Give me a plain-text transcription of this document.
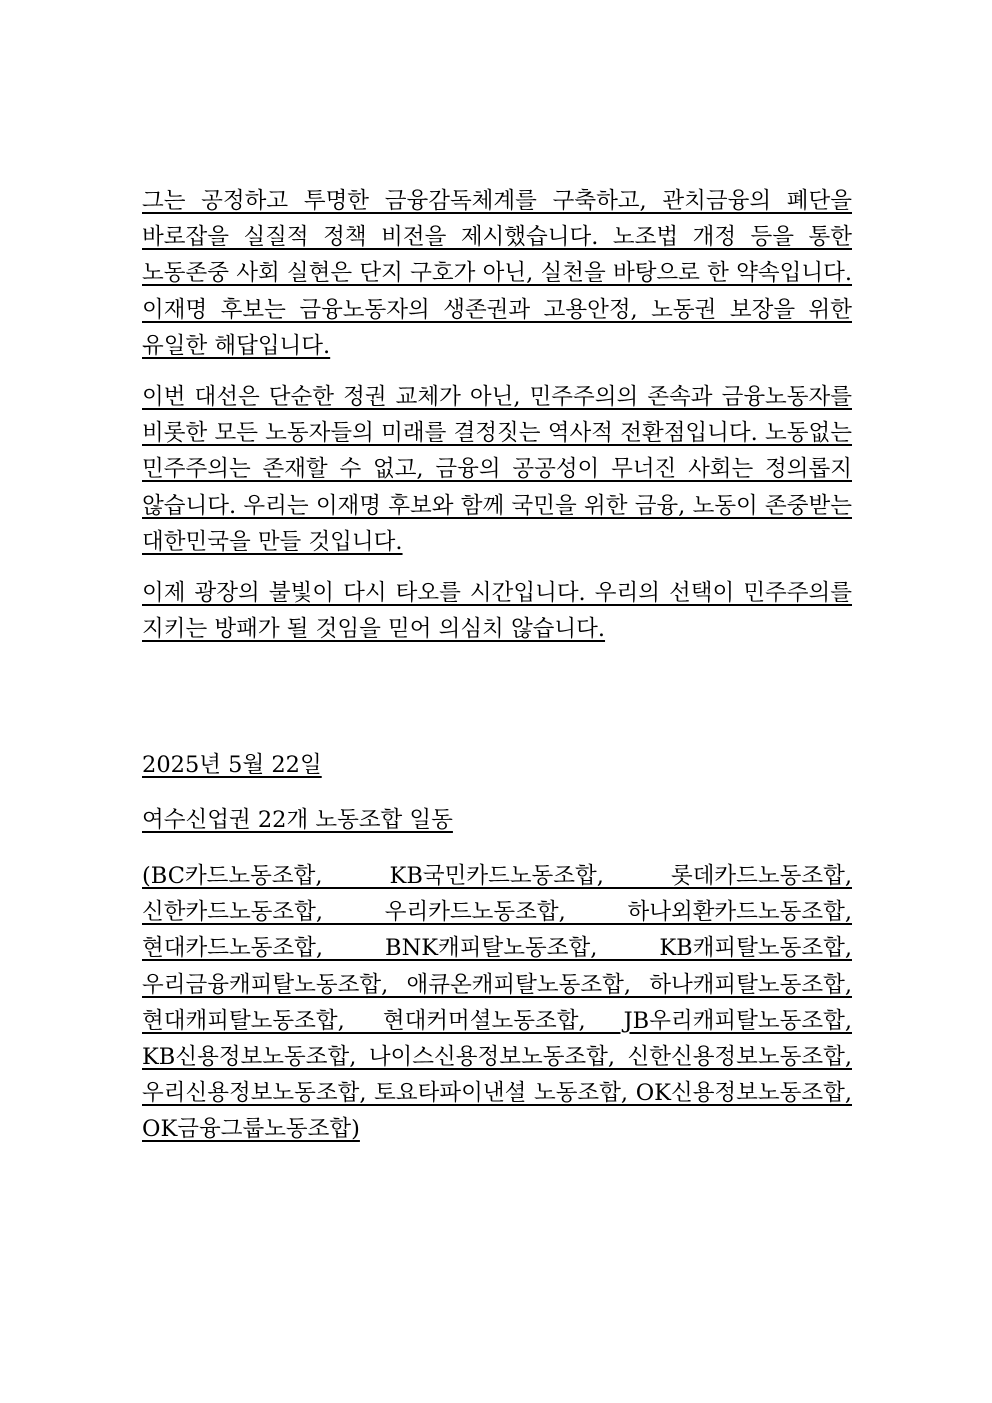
그는 공정하고 투명한 금융감독체계를 구축하고, 관치금융의 폐단을 바로잡을 실질적 정책 비전을 제시했습니다. 노조법 개정 등을 통한 노동존중 사회 실현은 단지 구호가 아닌, 실천을 바탕으로 한 약속입니다. 이재명 후보는 금융노동자의 생존권과 고용안정, 노동권 보장을 위한 유일한 해답입니다.

이번 대선은 단순한 정권 교체가 아닌, 민주주의의 존속과 금융노동자를 비롯한 모든 노동자들의 미래를 결정짓는 역사적 전환점입니다. 노동없는 민주주의는 존재할 수 없고, 금융의 공공성이 무너진 사회는 정의롭지 않습니다. 우리는 이재명 후보와 함께 국민을 위한 금융, 노동이 존중받는 대한민국을 만들 것입니다.

이제 광장의 불빛이 다시 타오를 시간입니다. 우리의 선택이 민주주의를 지키는 방패가 될 것임을 믿어 의심치 않습니다.

2025년 5월 22일

여수신업권 22개 노동조합 일동

(BC카드노동조합, KB국민카드노동조합, 롯데카드노동조합, 신한카드노동조합, 우리카드노동조합, 하나외환카드노동조합, 현대카드노동조합, BNK캐피탈노동조합, KB캐피탈노동조합, 우리금융캐피탈노동조합, 애큐온캐피탈노동조합, 하나캐피탈노동조합, 현대캐피탈노동조합, 현대커머셜노동조합, JB우리캐피탈노동조합, KB신용정보노동조합, 나이스신용정보노동조합, 신한신용정보노동조합, 우리신용정보노동조합, 토요타파이낸셜 노동조합, OK신용정보노동조합, OK금융그룹노동조합)
